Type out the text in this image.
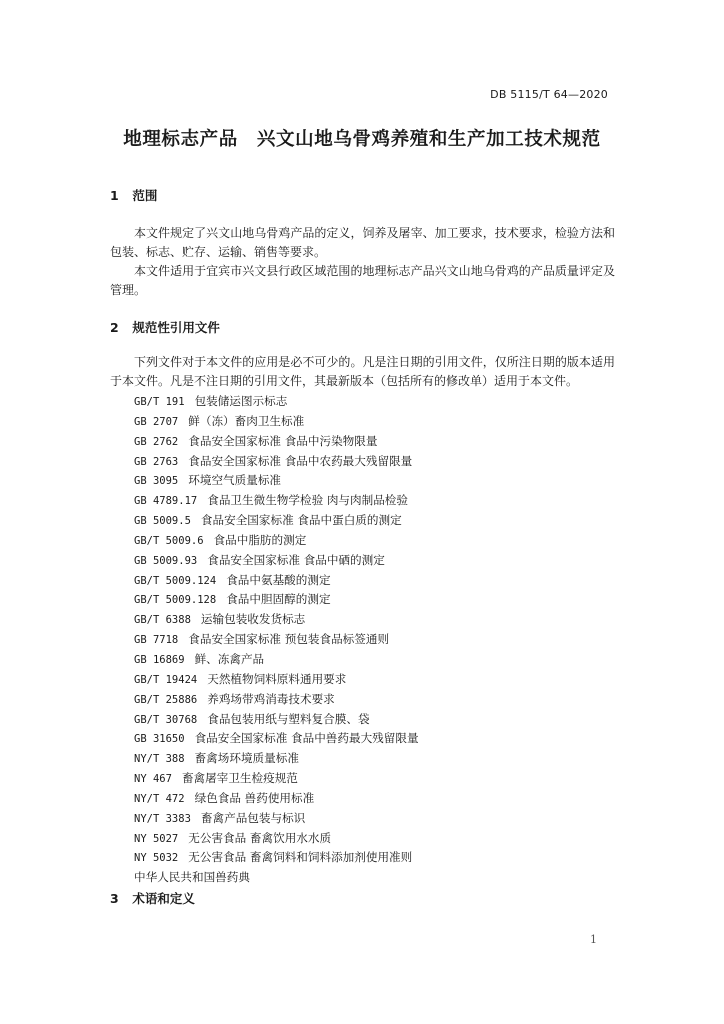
DB 5115/T 64—2020
地理标志产品　兴文山地乌骨鸡养殖和生产加工技术规范
1 范围
本文件规定了兴文山地乌骨鸡产品的定义，饲养及屠宰、加工要求，技术要求，检验方法和包装、标志、贮存、运输、销售等要求。
本文件适用于宜宾市兴文县行政区域范围的地理标志产品兴文山地乌骨鸡的产品质量评定及管理。
2 规范性引用文件
下列文件对于本文件的应用是必不可少的。凡是注日期的引用文件，仅所注日期的版本适用于本文件。凡是不注日期的引用文件，其最新版本（包括所有的修改单）适用于本文件。
GB/T 191 包装储运图示标志
GB 2707 鲜（冻）畜肉卫生标准
GB 2762 食品安全国家标准 食品中污染物限量
GB 2763 食品安全国家标准 食品中农药最大残留限量
GB 3095 环境空气质量标准
GB 4789.17 食品卫生微生物学检验 肉与肉制品检验
GB 5009.5 食品安全国家标准 食品中蛋白质的测定
GB/T 5009.6 食品中脂肪的测定
GB 5009.93 食品安全国家标准 食品中硒的测定
GB/T 5009.124 食品中氨基酸的测定
GB/T 5009.128 食品中胆固醇的测定
GB/T 6388 运输包装收发货标志
GB 7718 食品安全国家标准 预包装食品标签通则
GB 16869 鲜、冻禽产品
GB/T 19424 天然植物饲料原料通用要求
GB/T 25886 养鸡场带鸡消毒技术要求
GB/T 30768 食品包装用纸与塑料复合膜、袋
GB 31650 食品安全国家标准 食品中兽药最大残留限量
NY/T 388 畜禽场环境质量标准
NY 467 畜禽屠宰卫生检疫规范
NY/T 472 绿色食品 兽药使用标准
NY/T 3383 畜禽产品包装与标识
NY 5027 无公害食品 畜禽饮用水水质
NY 5032 无公害食品 畜禽饲料和饲料添加剂使用准则
中华人民共和国兽药典
3 术语和定义
1
